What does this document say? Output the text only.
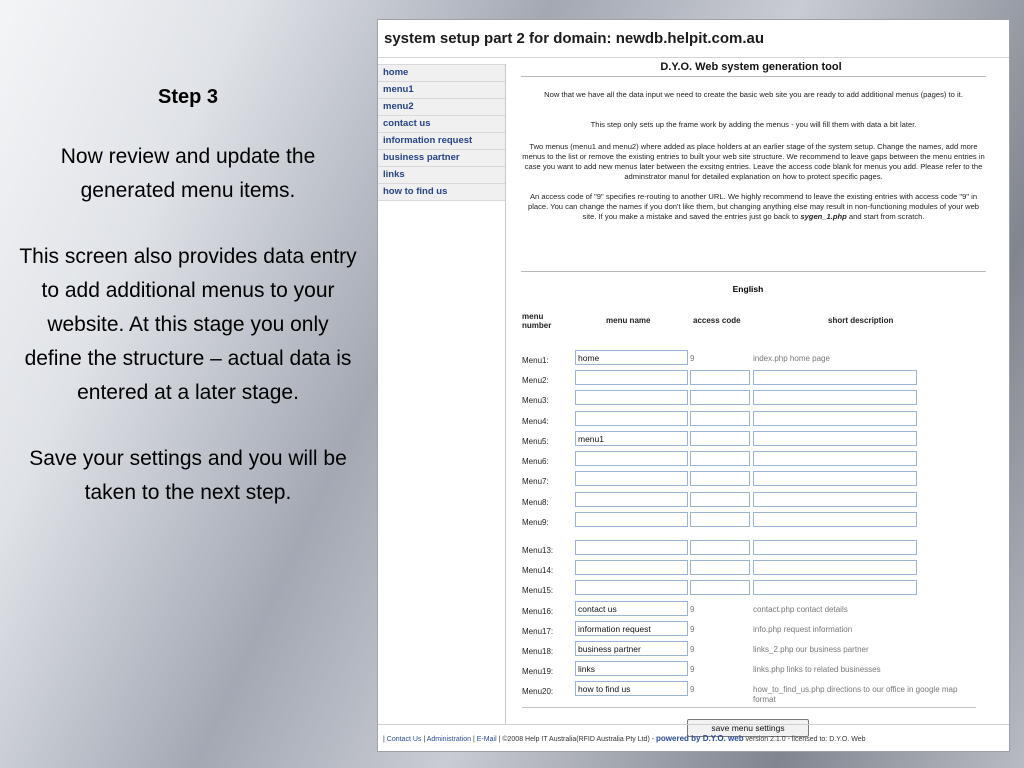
Step 3

Now review and update the generated menu items.

This screen also provides data entry to add additional menus to your website. At this stage you only define the structure – actual data is entered at a later stage.

Save your settings and you will be taken to the next step.

system setup part 2 for domain: newdb.helpit.com.au
home
menu1
menu2
contact us
information request
business partner
links
how to find us
D.Y.O. Web system generation tool
Now that we have all the data input we need to create the basic web site you are ready to add additional menus (pages) to it.
This step only sets up the frame work by adding the menus - you will fill them with data a bit later.
Two menus (menu1 and menu2) where added as place holders at an earlier stage of the system setup. Change the names, add more menus to the list or remove the existing entries to built your web site structure. We recommend to leave gaps between the menu entries in case you want to add new menus later between the exsitng entries. Leave the access code blank for menus you add. Please refer to the adminstrator manul for detailed explanation on how to protect specific pages.
An access code of "9" specifies re-routing to another URL. We highly recommend to leave the existing entries with access code "9" in place. You can change the names if you don't like them, but changing anything else may result in non-functioning modules of your web site. If you make a mistake and saved the entries just go back to sygen_1.php and start from scratch.
English
menu number
menu name	access code	short description
Menu1:	home	9	index.php home page
Menu2:
Menu3:
Menu4:
Menu5:	menu1
Menu6:
Menu7:
Menu8:
Menu9:
Menu13:
Menu14:
Menu15:
Menu16:	contact us	9	contact.php contact details
Menu17:	information request	9	info.php request information
Menu18:	business partner	9	links_2.php our business partner
Menu19:	links	9	links.php links to related businesses
Menu20:	how to find us	9	how_to_find_us.php directions to our office in google map format
save menu settings
| Contact Us | Administration | E-Mail | ©2008 Help IT Australia(RFID Australia Pty Ltd) - powered by D.Y.O. web version 2.1.0 - licensed to: D.Y.O. Web
